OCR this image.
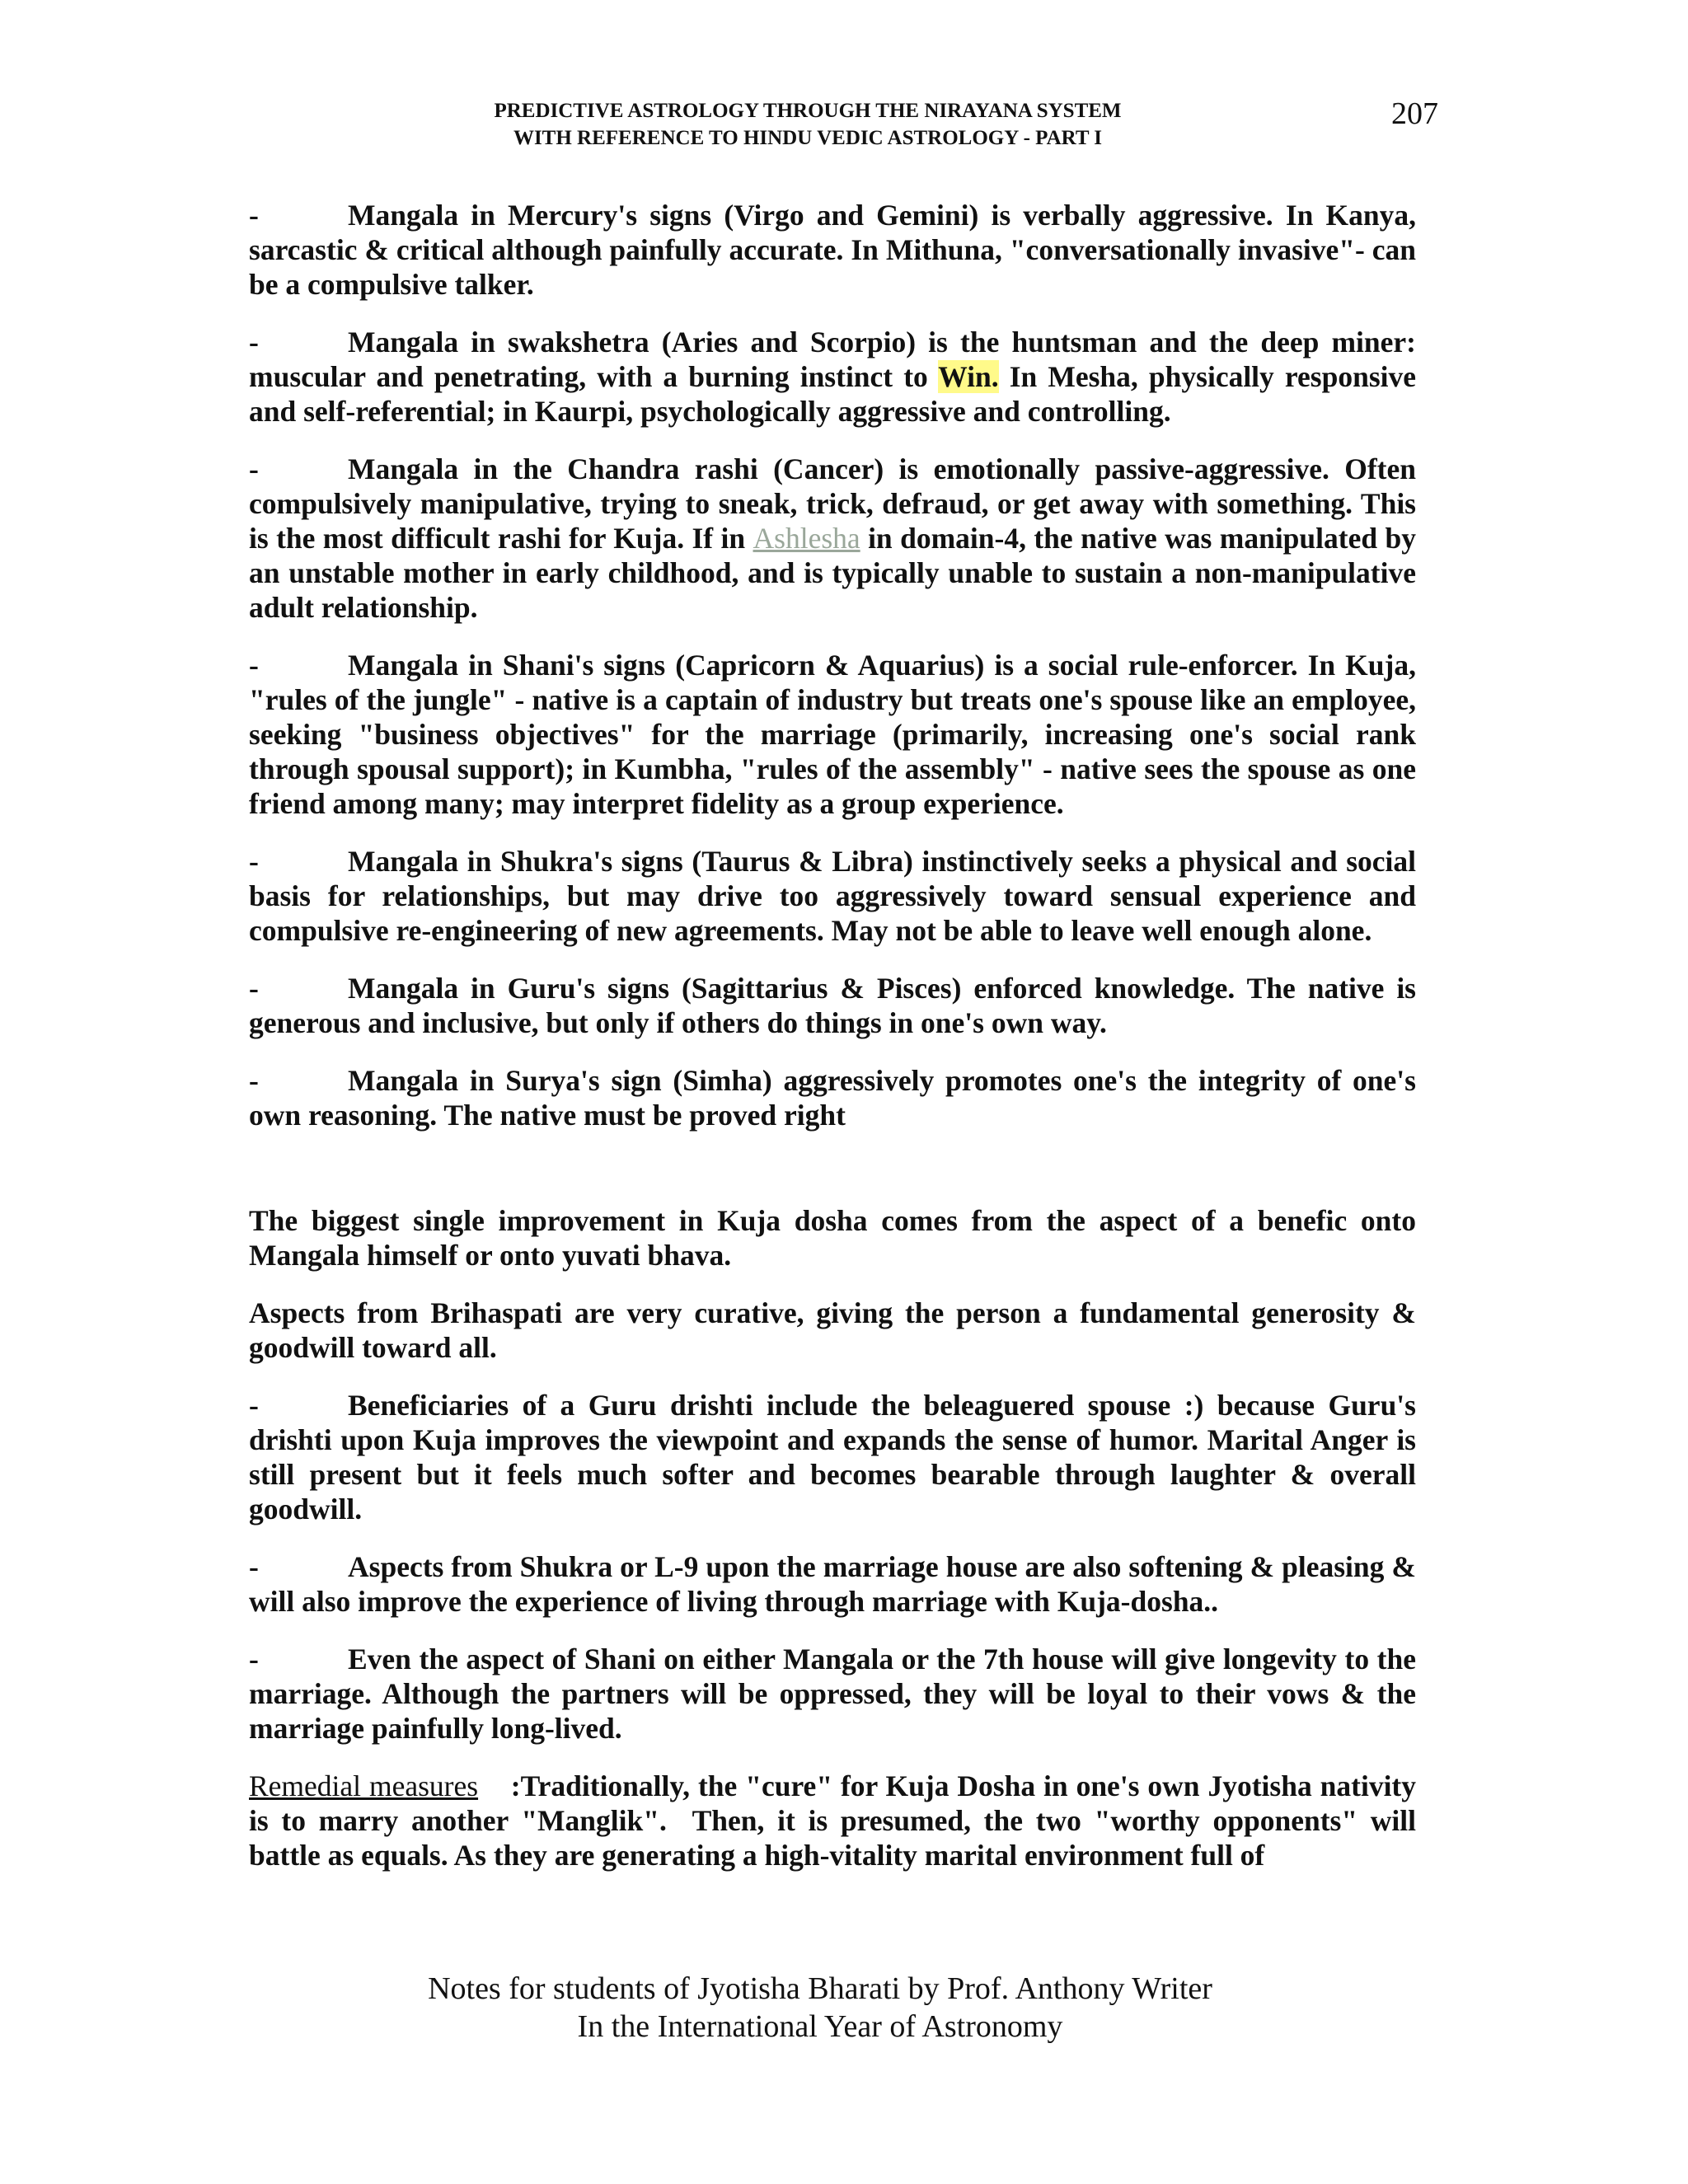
PREDICTIVE ASTROLOGY THROUGH THE NIRAYANA SYSTEM
WITH REFERENCE TO HINDU VEDIC ASTROLOGY - PART I
207

-	Mangala in Mercury's signs (Virgo and Gemini) is verbally aggressive. In Kanya, sarcastic & critical although painfully accurate. In Mithuna, "conversationally invasive"- can be a compulsive talker.

-	Mangala in swakshetra (Aries and Scorpio) is the huntsman and the deep miner: muscular and penetrating, with a burning instinct to Win. In Mesha, physically responsive and self-referential; in Kaurpi, psychologically aggressive and controlling.

-	Mangala in the Chandra rashi (Cancer) is emotionally passive-aggressive. Often compulsively manipulative, trying to sneak, trick, defraud, or get away with something. This is the most difficult rashi for Kuja. If in Ashlesha in domain-4, the native was manipulated by an unstable mother in early childhood, and is typically unable to sustain a non-manipulative adult relationship.

-	Mangala in Shani's signs (Capricorn & Aquarius) is a social rule-enforcer. In Kuja, "rules of the jungle" - native is a captain of industry but treats one's spouse like an employee, seeking "business objectives" for the marriage (primarily, increasing one's social rank through spousal support); in Kumbha, "rules of the assembly" - native sees the spouse as one friend among many; may interpret fidelity as a group experience.

-	Mangala in Shukra's signs (Taurus & Libra) instinctively seeks a physical and social basis for relationships, but may drive too aggressively toward sensual experience and compulsive re-engineering of new agreements. May not be able to leave well enough alone.

-	Mangala in Guru's signs (Sagittarius & Pisces) enforced knowledge. The native is generous and inclusive, but only if others do things in one's own way.

-	Mangala in Surya's sign (Simha) aggressively promotes one's the integrity of one's own reasoning. The native must be proved right

The biggest single improvement in Kuja dosha comes from the aspect of a benefic onto Mangala himself or onto yuvati bhava.

Aspects from Brihaspati are very curative, giving the person a fundamental generosity & goodwill toward all.

-	Beneficiaries of a Guru drishti include the beleaguered spouse :) because Guru's drishti upon Kuja improves the viewpoint and expands the sense of humor. Marital Anger is still present but it feels much softer and becomes bearable through laughter & overall goodwill.

-	Aspects from Shukra or L-9 upon the marriage house are also softening & pleasing & will also improve the experience of living through marriage with Kuja-dosha..

-	Even the aspect of Shani on either Mangala or the 7th house will give longevity to the marriage. Although the partners will be oppressed, they will be loyal to their vows & the marriage painfully long-lived.

Remedial measures    :Traditionally, the "cure" for Kuja Dosha in one's own Jyotisha nativity is to marry another "Manglik".  Then, it is presumed, the two "worthy opponents" will battle as equals. As they are generating a high-vitality marital environment full of

Notes for students of Jyotisha Bharati by Prof. Anthony Writer
In the International Year of Astronomy
